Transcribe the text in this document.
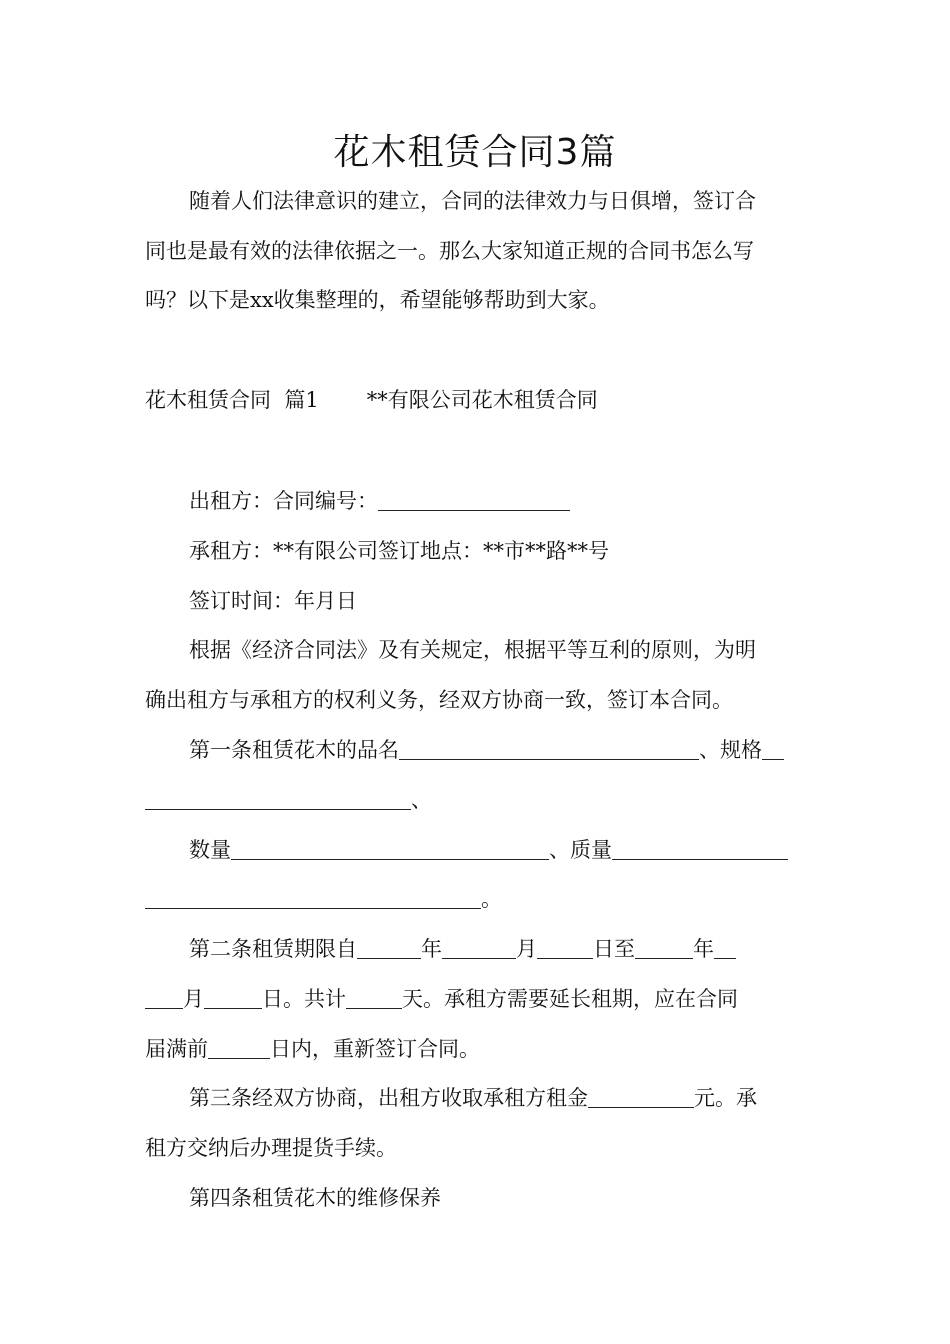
花木租赁合同3篇
随着人们法律意识的建立，合同的法律效力与日俱增，签订合
同也是最有效的法律依据之一。那么大家知道正规的合同书怎么写
吗？以下是xx收集整理的，希望能够帮助到大家。
花木租赁合同  篇1 **有限公司花木租赁合同
出租方：合同编号：
承租方：**有限公司签订地点：**市**路**号
签订时间：年月日
根据《经济合同法》及有关规定，根据平等互利的原则，为明
确出租方与承租方的权利义务，经双方协商一致，签订本合同。
第一条租赁花木的品名	、规格
、
数量	、质量
。
第二条租赁期限自	年	月	日至	年
月	日。共计	天。承租方需要延长租期，应在合同
届满前	日内，重新签订合同。
第三条经双方协商，出租方收取承租方租金	元。承
租方交纳后办理提货手续。
第四条租赁花木的维修保养
